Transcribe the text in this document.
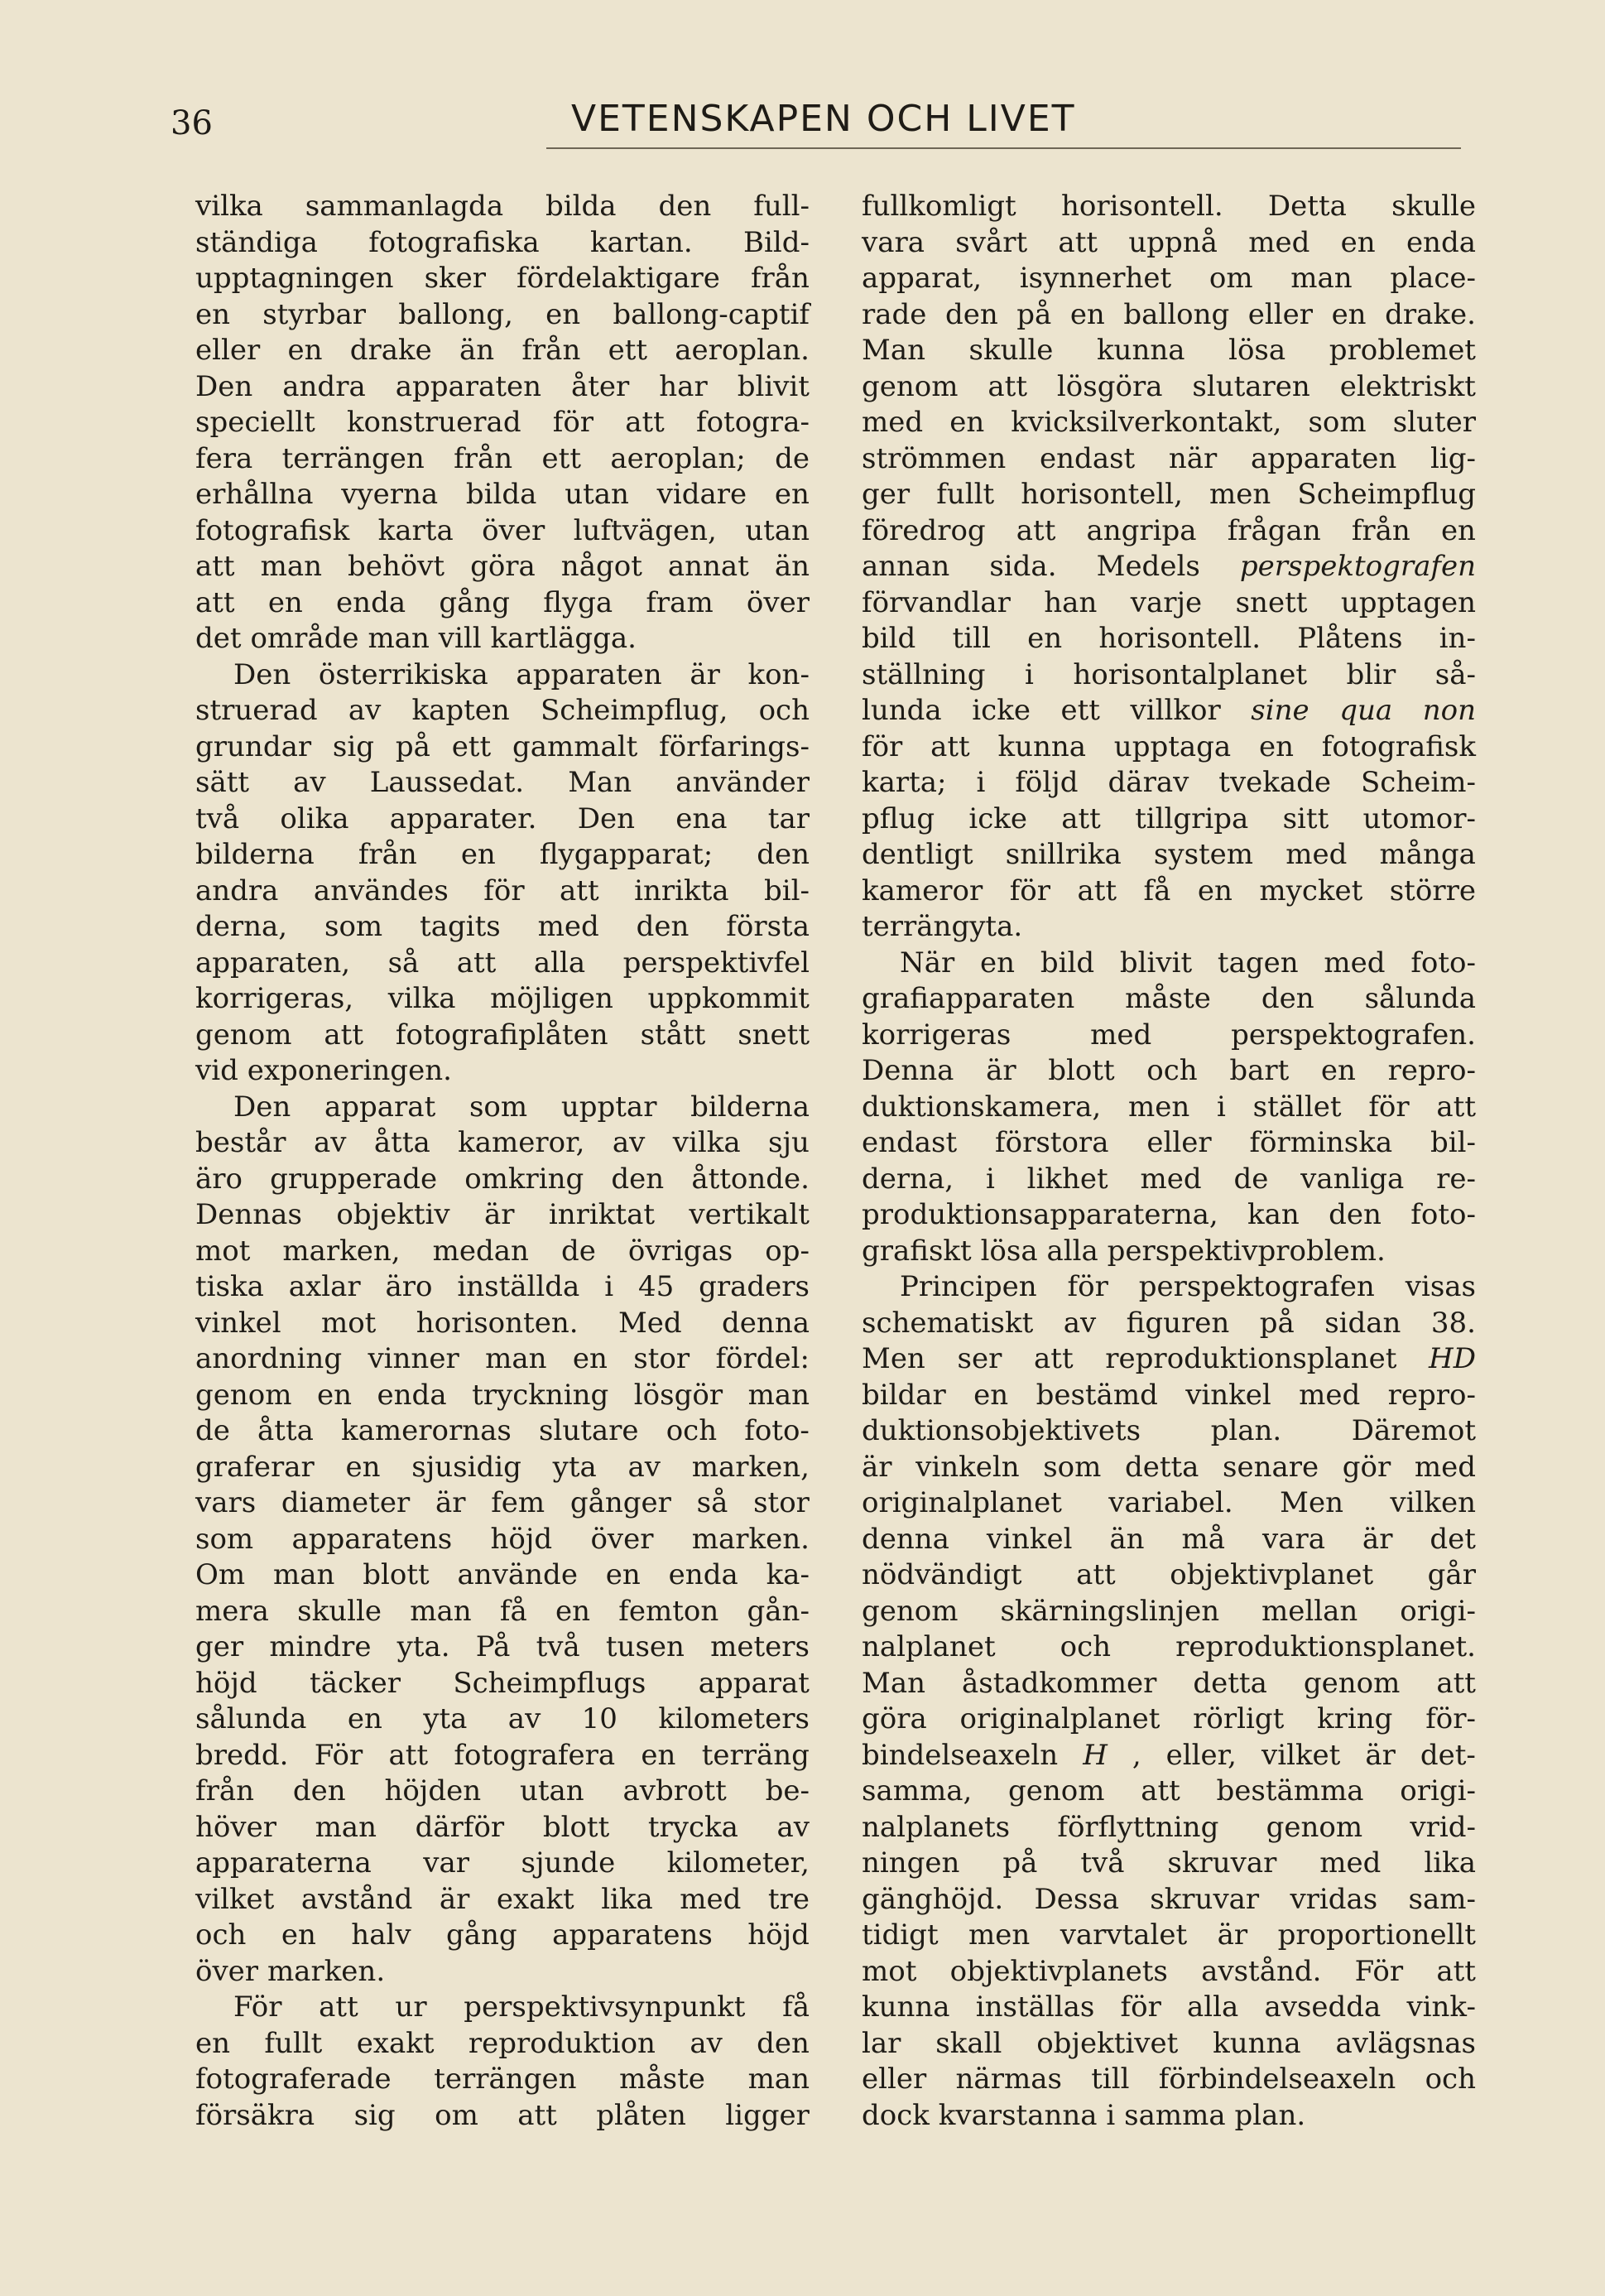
36	VETENSKAPEN OCH LIVET
vilka sammanlagda bilda den full-
ständiga fotografiska kartan. Bild-
upptagningen sker fördelaktigare från
en styrbar ballong, en ballong-captif
eller en drake än från ett aeroplan.
Den andra apparaten åter har blivit
speciellt konstruerad för att fotogra-
fera terrängen från ett aeroplan; de
erhållna vyerna bilda utan vidare en
fotografisk karta över luftvägen, utan
att man behövt göra något annat än
att en enda gång flyga fram över
det område man vill kartlägga.
Den österrikiska apparaten är kon-
struerad av kapten Scheimpflug, och
grundar sig på ett gammalt förfarings-
sätt av Laussedat. Man använder
två olika apparater. Den ena tar
bilderna från en flygapparat; den
andra användes för att inrikta bil-
derna, som tagits med den första
apparaten, så att alla perspektivfel
korrigeras, vilka möjligen uppkommit
genom att fotografiplåten stått snett
vid exponeringen.
Den apparat som upptar bilderna
består av åtta kameror, av vilka sju
äro grupperade omkring den åttonde.
Dennas objektiv är inriktat vertikalt
mot marken, medan de övrigas op-
tiska axlar äro inställda i 45 graders
vinkel mot horisonten. Med denna
anordning vinner man en stor fördel:
genom en enda tryckning lösgör man
de åtta kamerornas slutare och foto-
graferar en sjusidig yta av marken,
vars diameter är fem gånger så stor
som apparatens höjd över marken.
Om man blott använde en enda ka-
mera skulle man få en femton gån-
ger mindre yta. På två tusen meters
höjd täcker Scheimpflugs apparat
sålunda en yta av 10 kilometers
bredd. För att fotografera en terräng
från den höjden utan avbrott be-
höver man därför blott trycka av
apparaterna var sjunde kilometer,
vilket avstånd är exakt lika med tre
och en halv gång apparatens höjd
över marken.
För att ur perspektivsynpunkt få
en fullt exakt reproduktion av den
fotograferade terrängen måste man
försäkra sig om att plåten ligger
fullkomligt horisontell. Detta skulle
vara svårt att uppnå med en enda
apparat, isynnerhet om man place-
rade den på en ballong eller en drake.
Man skulle kunna lösa problemet
genom att lösgöra slutaren elektriskt
med en kvicksilverkontakt, som sluter
strömmen endast när apparaten lig-
ger fullt horisontell, men Scheimpflug
föredrog att angripa frågan från en
annan sida. Medels perspektografen
förvandlar han varje snett upptagen
bild till en horisontell. Plåtens in-
ställning i horisontalplanet blir så-
lunda icke ett villkor sine qua non
för att kunna upptaga en fotografisk
karta; i följd därav tvekade Scheim-
pflug icke att tillgripa sitt utomor-
dentligt snillrika system med många
kameror för att få en mycket större
terrängyta.
När en bild blivit tagen med foto-
grafiapparaten måste den sålunda
korrigeras	med	perspektografen.
Denna är blott och bart en repro-
duktionskamera, men i stället för att
endast förstora eller förminska bil-
derna, i likhet med de vanliga re-
produktionsapparaterna, kan den foto-
grafiskt lösa alla perspektivproblem.
Principen för perspektografen visas
schematiskt av figuren på sidan 38.
Men ser att reproduktionsplanet HD
bildar en bestämd vinkel med repro-
duktionsobjektivets plan. Däremot
är vinkeln som detta senare gör med
originalplanet variabel. Men vilken
denna vinkel än må vara är det
nödvändigt att objektivplanet går
genom skärningslinjen mellan origi-
nalplanet och reproduktionsplanet.
Man åstadkommer detta genom att
göra originalplanet rörligt kring för-
bindelseaxeln H , eller, vilket är det-
samma, genom att bestämma origi-
nalplanets förflyttning genom vrid-
ningen på två skruvar med lika
gänghöjd. Dessa skruvar vridas sam-
tidigt men varvtalet är proportionellt
mot objektivplanets avstånd. För att
kunna inställas för alla avsedda vink-
lar skall objektivet kunna avlägsnas
eller närmas till förbindelseaxeln och
dock kvarstanna i samma plan.
